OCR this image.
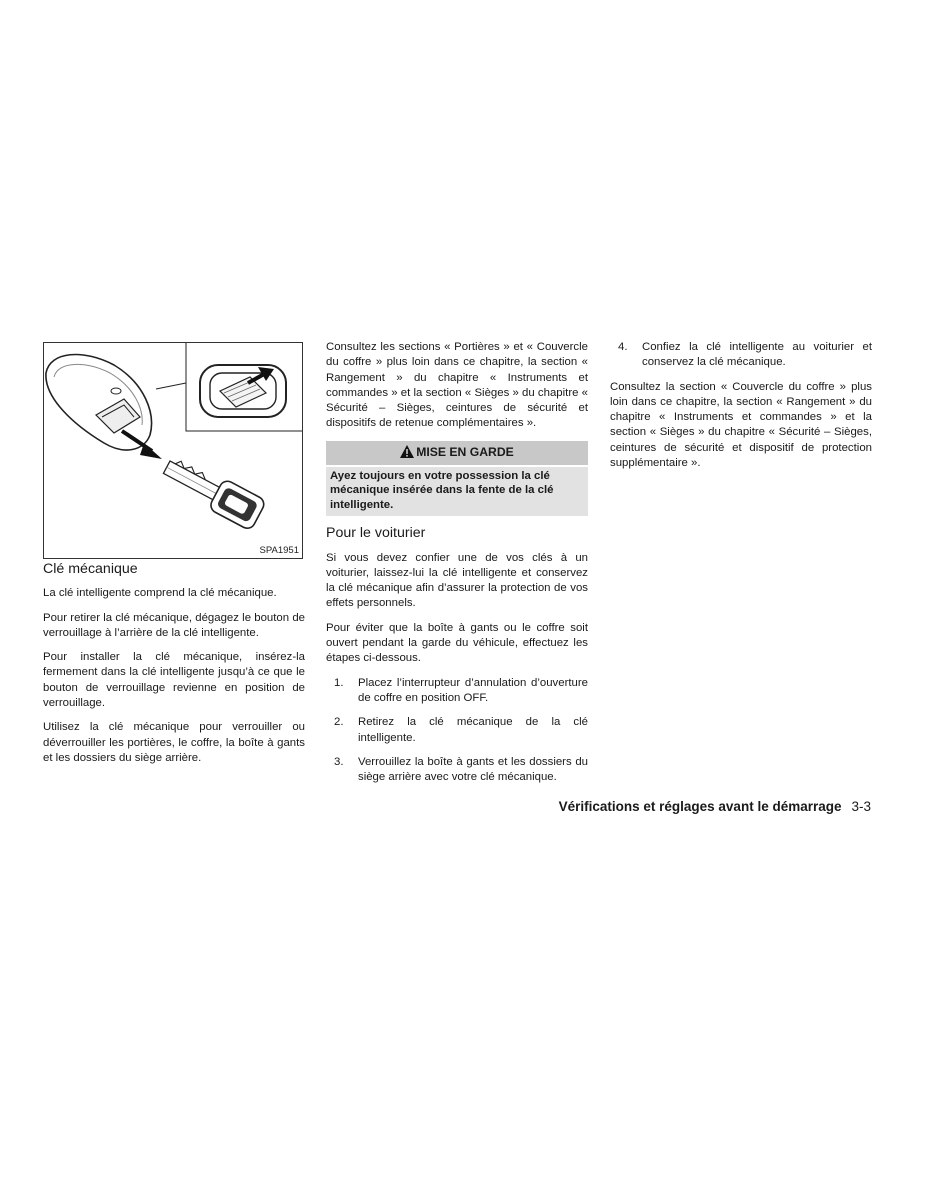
SPA1951
Clé mécanique

La clé intelligente comprend la clé mécanique.

Pour retirer la clé mécanique, dégagez le bouton de verrouillage à l’arrière de la clé intelligente.

Pour installer la clé mécanique, insérez-la fermement dans la clé intelligente jusqu’à ce que le bouton de verrouillage revienne en position de verrouillage.

Utilisez la clé mécanique pour verrouiller ou déverrouiller les portières, le coffre, la boîte à gants et les dossiers du siège arrière.

Consultez les sections « Portières » et « Couvercle du coffre » plus loin dans ce chapitre, la section « Rangement » du chapitre « Instruments et commandes » et la section « Sièges » du chapitre « Sécurité – Sièges, ceintures de sécurité et dispositifs de retenue complémentaires ».

MISE EN GARDE
Ayez toujours en votre possession la clé mécanique insérée dans la fente de la clé intelligente.
Pour le voiturier

Si vous devez confier une de vos clés à un voiturier, laissez-lui la clé intelligente et conservez la clé mécanique afin d’assurer la protection de vos effets personnels.

Pour éviter que la boîte à gants ou le coffre soit ouvert pendant la garde du véhicule, effectuez les étapes ci-dessous.

1.	Placez l’interrupteur d’annulation d’ouverture de coffre en position OFF.
2.	Retirez la clé mécanique de la clé intelligente.
3.	Verrouillez la boîte à gants et les dossiers du siège arrière avec votre clé mécanique.
4.	Confiez la clé intelligente au voiturier et conservez la clé mécanique.

Consultez la section « Couvercle du coffre » plus loin dans ce chapitre, la section « Rangement » du chapitre « Instruments et commandes » et la section « Sièges » du chapitre « Sécurité – Sièges, ceintures de sécurité et dispositif de protection supplémentaire ».

Vérifications et réglages avant le démarrage 3-3
